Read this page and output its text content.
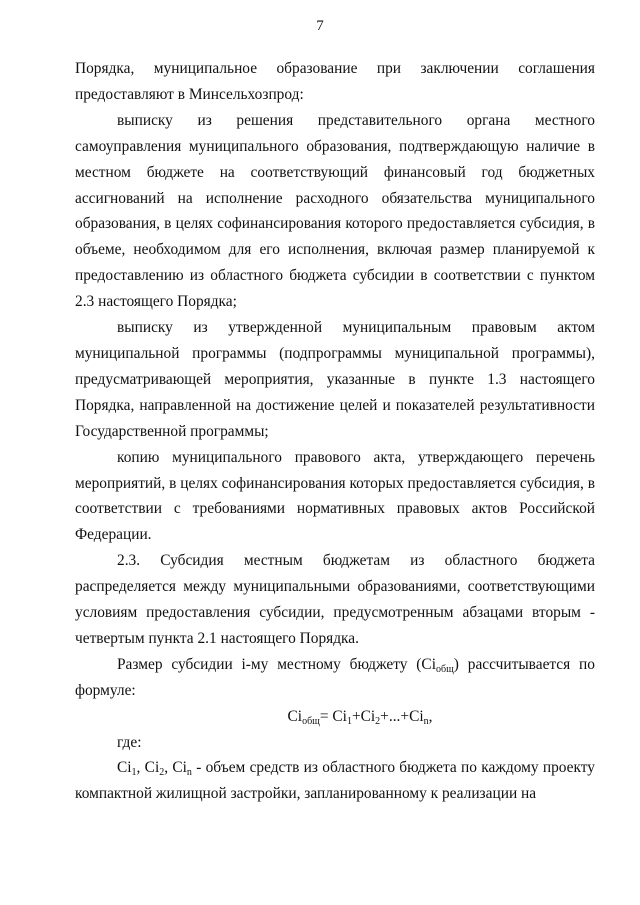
7

Порядка, муниципальное образование при заключении соглашения предоставляют в Минсельхозпрод:

выписку из решения представительного органа местного самоуправления муниципального образования, подтверждающую наличие в местном бюджете на соответствующий финансовый год бюджетных ассигнований на исполнение расходного обязательства муниципального образования, в целях софинансирования которого предоставляется субсидия, в объеме, необходимом для его исполнения, включая размер планируемой к предоставлению из областного бюджета субсидии в соответствии с пунктом 2.3 настоящего Порядка;

выписку из утвержденной муниципальным правовым актом муниципальной программы (подпрограммы муниципальной программы), предусматривающей мероприятия, указанные в пункте 1.3 настоящего Порядка, направленной на достижение целей и показателей результативности Государственной программы;

копию муниципального правового акта, утверждающего перечень мероприятий, в целях софинансирования которых предоставляется субсидия, в соответствии с требованиями нормативных правовых актов Российской Федерации.

2.3. Субсидия местным бюджетам из областного бюджета распределяется между муниципальными образованиями, соответствующими условиям предоставления субсидии, предусмотренным абзацами вторым - четвертым пункта 2.1 настоящего Порядка.

Размер субсидии i-му местному бюджету $(Ci_{общ})$ рассчитывается по формуле:

$Ci_{общ}= Ci_1+Ci_2+...+Ci_n$,

где:

$Ci_1$, $Ci_2$, $Ci_n$ - объем средств из областного бюджета по каждому проекту компактной жилищной застройки, запланированному к реализации на
